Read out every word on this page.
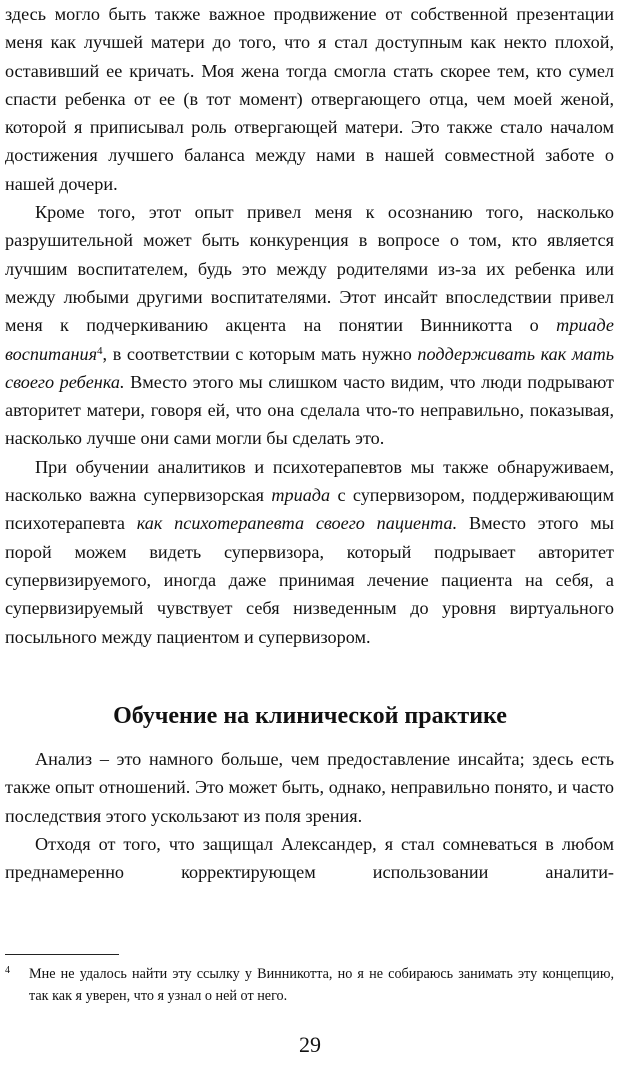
здесь могло быть также важное продвижение от собственной презентации меня как лучшей матери до того, что я стал доступным как некто плохой, оставивший ее кричать. Моя жена тогда смогла стать скорее тем, кто сумел спасти ребенка от ее (в тот момент) отвергающего отца, чем моей женой, которой я приписывал роль отвергающей матери. Это также стало началом достижения лучшего баланса между нами в нашей совместной заботе о нашей дочери.

Кроме того, этот опыт привел меня к осознанию того, насколько разрушительной может быть конкуренция в вопросе о том, кто является лучшим воспитателем, будь это между родителями из-за их ребенка или между любыми другими воспитателями. Этот инсайт впоследствии привел меня к подчеркиванию акцента на понятии Винникотта о триаде воспитания$^4$, в соответствии с которым мать нужно поддерживать как мать своего ребенка. Вместо этого мы слишком часто видим, что люди подрывают авторитет матери, говоря ей, что она сделала что-то неправильно, показывая, насколько лучше они сами могли бы сделать это.

При обучении аналитиков и психотерапевтов мы также обнаруживаем, насколько важна супервизорская триада с супервизором, поддерживающим психотерапевта как психотерапевта своего пациента. Вместо этого мы порой можем видеть супервизора, который подрывает авторитет супервизируемого, иногда даже принимая лечение пациента на себя, а супервизируемый чувствует себя низведенным до уровня виртуального посыльного между пациентом и супервизором.

Обучение на клинической практике

Анализ – это намного больше, чем предоставление инсайта; здесь есть также опыт отношений. Это может быть, однако, неправильно понято, и часто последствия этого ускользают из поля зрения.

Отходя от того, что защищал Александер, я стал сомневаться в любом преднамеренно корректирующем использовании аналити-

4 Мне не удалось найти эту ссылку у Винникотта, но я не собираюсь занимать эту концепцию, так как я уверен, что я узнал о ней от него.
29
